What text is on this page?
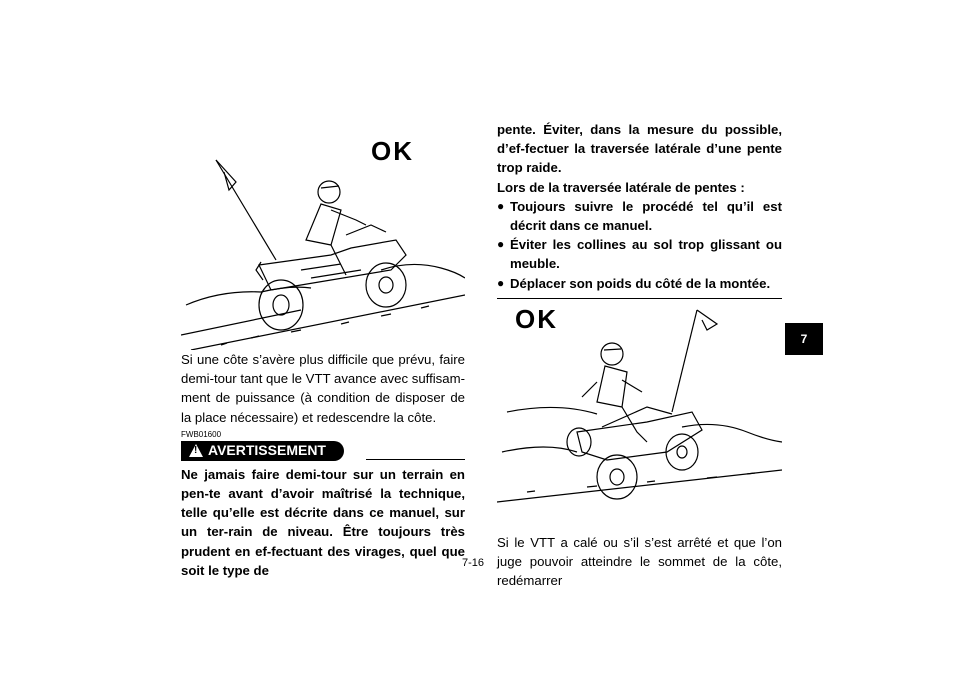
OK

Si une côte s’avère plus difficile que prévu, faire demi-tour tant que le VTT avance avec suffisam-ment de puissance (à condition de disposer de la place nécessaire) et redescendre la côte.

FWB01600
! AVERTISSEMENT

Ne jamais faire demi-tour sur un terrain en pen-te avant d’avoir maîtrisé la technique, telle qu’elle est décrite dans ce manuel, sur un ter-rain de niveau. Être toujours très prudent en ef-fectuant des virages, quel que soit le type de

pente. Éviter, dans la mesure du possible, d’ef-fectuer la traversée latérale d’une pente trop raide.

Lors de la traversée latérale de pentes :

● Toujours suivre le procédé tel qu’il est décrit dans ce manuel.
● Éviter les collines au sol trop glissant ou meuble.
● Déplacer son poids du côté de la montée.
OK

Si le VTT a calé ou s’il s’est arrêté et que l’on juge pouvoir atteindre le sommet de la côte, redémarrer

7-16
7
